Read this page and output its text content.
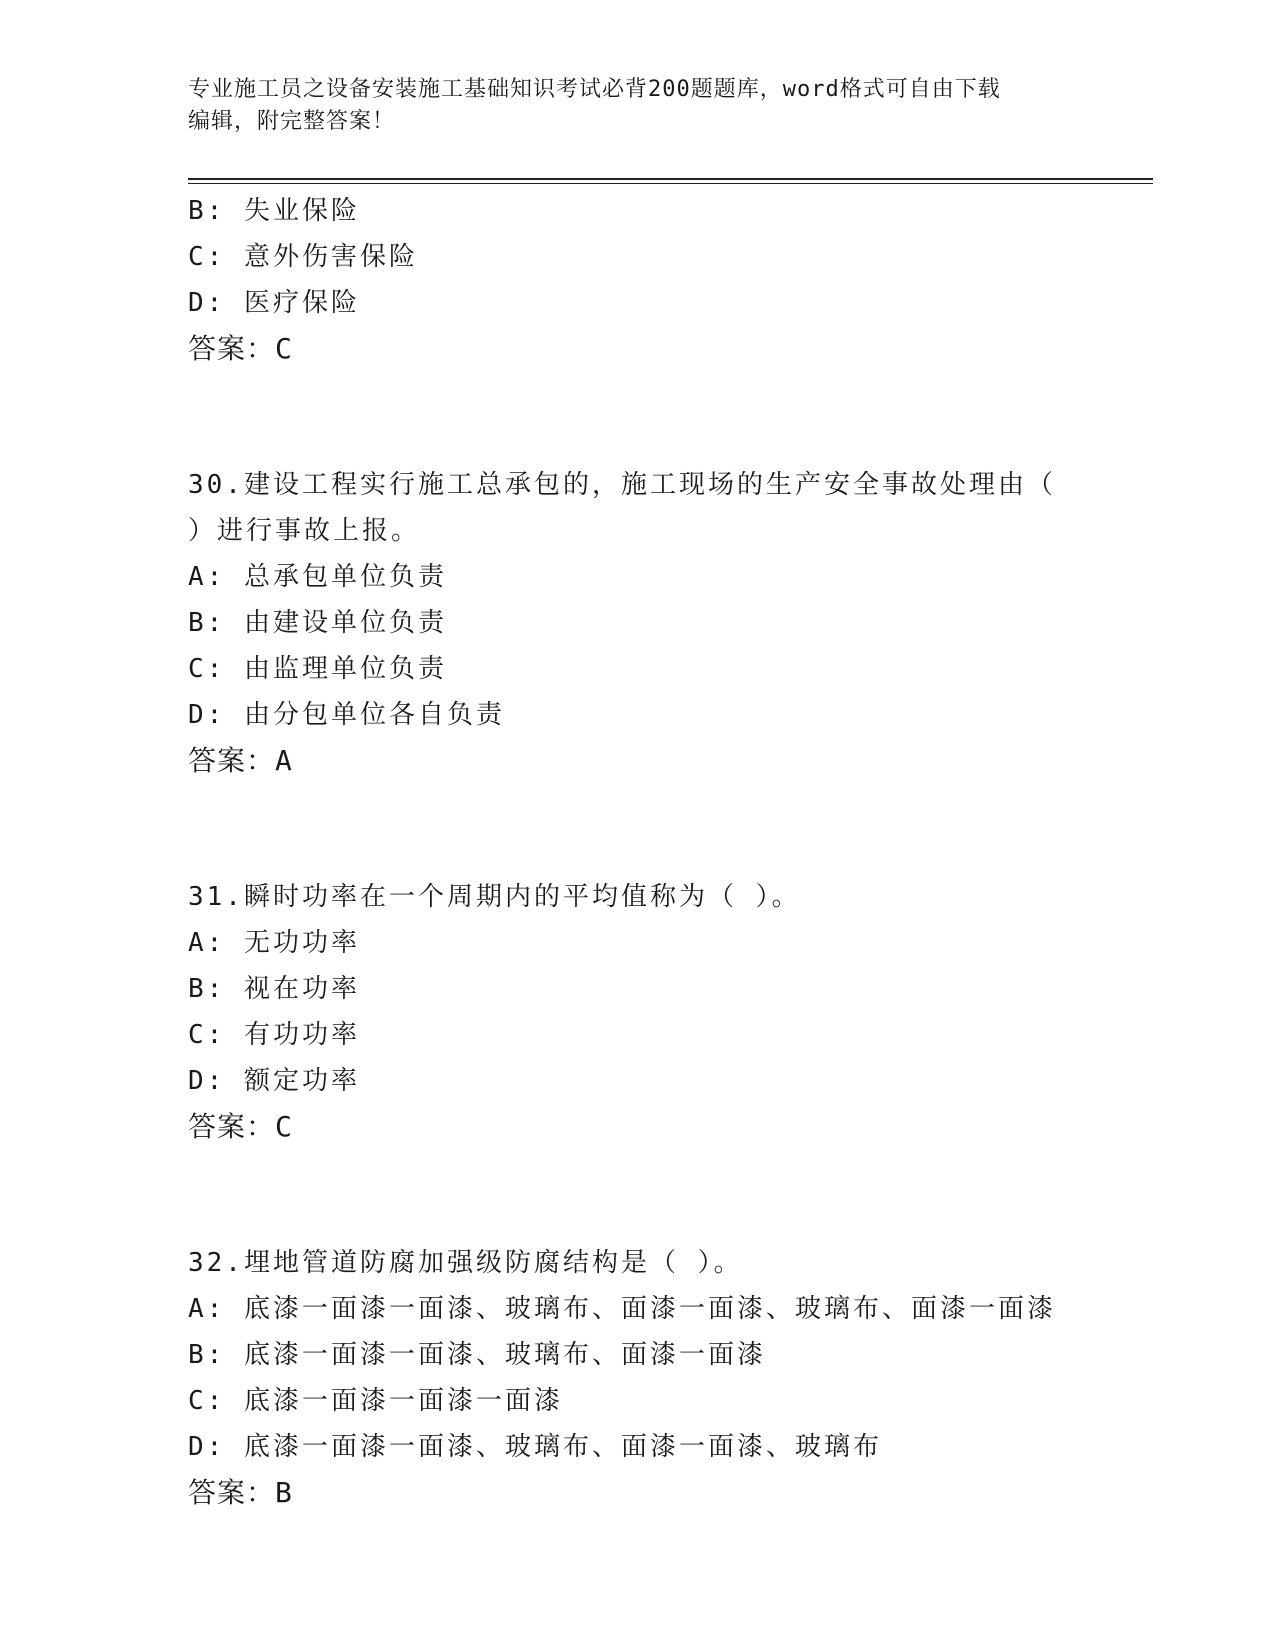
专业施工员之设备安装施工基础知识考试必背200题题库，word格式可自由下载
编辑，附完整答案！
B: 失业保险
C: 意外伤害保险
D: 医疗保险
答案：C
30.建设工程实行施工总承包的，施工现场的生产安全事故处理由（
）进行事故上报。
A: 总承包单位负责
B: 由建设单位负责
C: 由监理单位负责
D: 由分包单位各自负责
答案：A
31.瞬时功率在一个周期内的平均值称为（ ）。
A: 无功功率
B: 视在功率
C: 有功功率
D: 额定功率
答案：C
32.埋地管道防腐加强级防腐结构是（ ）。
A: 底漆一面漆一面漆、玻璃布、面漆一面漆、玻璃布、面漆一面漆
B: 底漆一面漆一面漆、玻璃布、面漆一面漆
C: 底漆一面漆一面漆一面漆
D: 底漆一面漆一面漆、玻璃布、面漆一面漆、玻璃布
答案：B
